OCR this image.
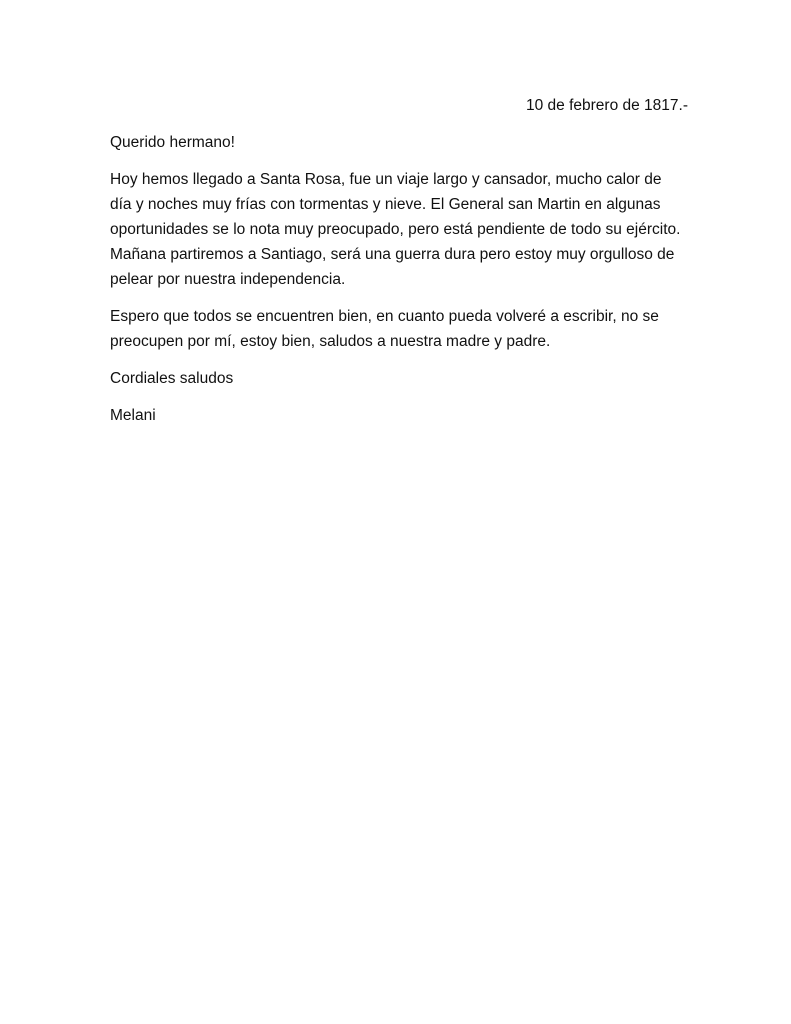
10 de febrero de 1817.-
Querido hermano!
Hoy hemos llegado a Santa Rosa, fue un viaje largo y cansador, mucho calor de día y noches muy frías con tormentas y nieve. El General san Martin en algunas oportunidades se lo nota muy preocupado, pero está pendiente de todo su ejército. Mañana partiremos a Santiago, será una guerra dura pero estoy muy orgulloso de pelear por nuestra independencia.
Espero que todos se encuentren bien, en cuanto pueda volveré a escribir, no se preocupen por mí, estoy bien, saludos a nuestra madre y padre.
Cordiales saludos
Melani
